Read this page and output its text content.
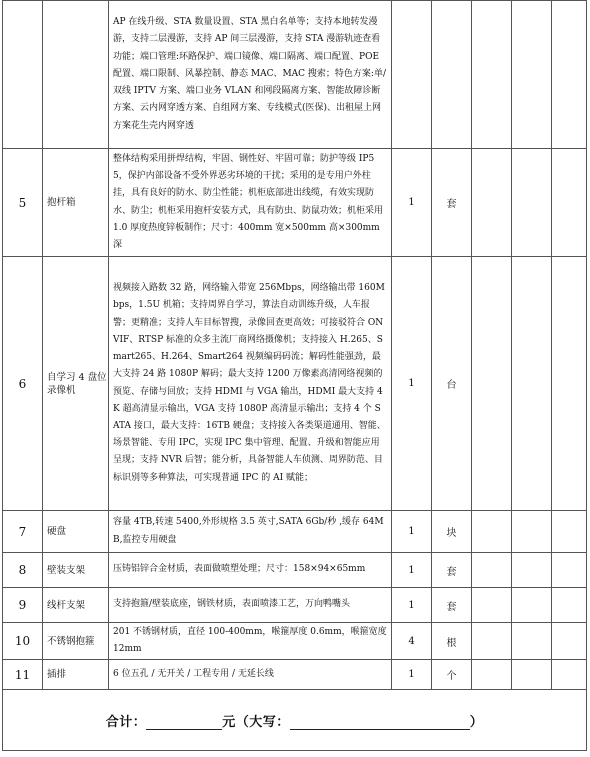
		AP 在线升级、STA 数量设置、STA 黑白名单等；支持本地转发漫游，支持二层漫游，支持 AP 间三层漫游，支持 STA 漫游轨迹查看功能；端口管理:环路保护、端口镜像、端口隔离、端口配置、POE 配置、端口限制、风暴控制、静态 MAC、MAC 搜索；特色方案:单/双线 IPTV 方案、端口业务 VLAN 和网段隔离方案、智能故障诊断方案、云内网穿透方案、自组网方案、专线模式(医保)、出租屋上网方案花生壳内网穿透					
5	抱杆箱	整体结构采用拼焊结构，牢固、钢性好、牢固可靠；防护等级 IP55，保护内部设备不受外界恶劣环境的干扰；采用的是专用户外柱挂，具有良好的防水、防尘性能；机柜底部进出线缆，有效实现防水、防尘；机柜采用抱杆安装方式，具有防虫、防鼠功效；机柜采用 1.0 厚度热度锌板制作；尺寸：400mm 宽×500mm 高×300mm 深	1	套			
6	自学习 4 盘位录像机	视频接入路数 32 路，网络输入带宽 256Mbps，网络输出带 160Mbps，1.5U 机箱；支持周界自学习，算法自动训练升级，人车报警；更精准；支持人车目标智搜，录像回查更高效；可接驳符合 ONVIF、RTSP 标准的众多主流厂商网络摄像机；支持接入 H.265、Smart265、H.264、Smart264 视频编码码流；解码性能强劲，最大支持 24 路 1080P 解码；最大支持 1200 万像素高清网络视频的预览、存储与回放；支持 HDMI 与 VGA 输出，HDMI 最大支持 4K 超高清显示输出，VGA 支持 1080P 高清显示输出；支持 4 个 SATA 接口，最大支持：16TB 硬盘；支持接入各类渠道通用、智能、场景智能、专用 IPC，实现 IPC 集中管理、配置、升级和智能应用呈现；支持 NVR 后智；能分析，具备智能人车侦测、周界防范、目标识别等多种算法，可实现普通 IPC 的 AI 赋能；	1	台			
7	硬盘	容量 4TB,转速 5400,外形规格 3.5 英寸,SATA 6Gb/秒 ,缓存 64MB,监控专用硬盘	1	块			
8	壁装支架	压铸铝锌合金材质，表面做喷塑处理；尺寸：158×94×65mm	1	套			
9	线杆支架	支持抱箍/壁装底座，钢铁材质，表面喷漆工艺，万向鸭嘴头	1	套			
10	不锈钢抱箍	201 不锈钢材质，直径 100-400mm，喉箍厚度 0.6mm，喉箍宽度 12mm	4	根			
11	插排	6 位五孔 / 无开关 / 工程专用 / 无延长线	1	个			
合计： 元（大写： ）							
